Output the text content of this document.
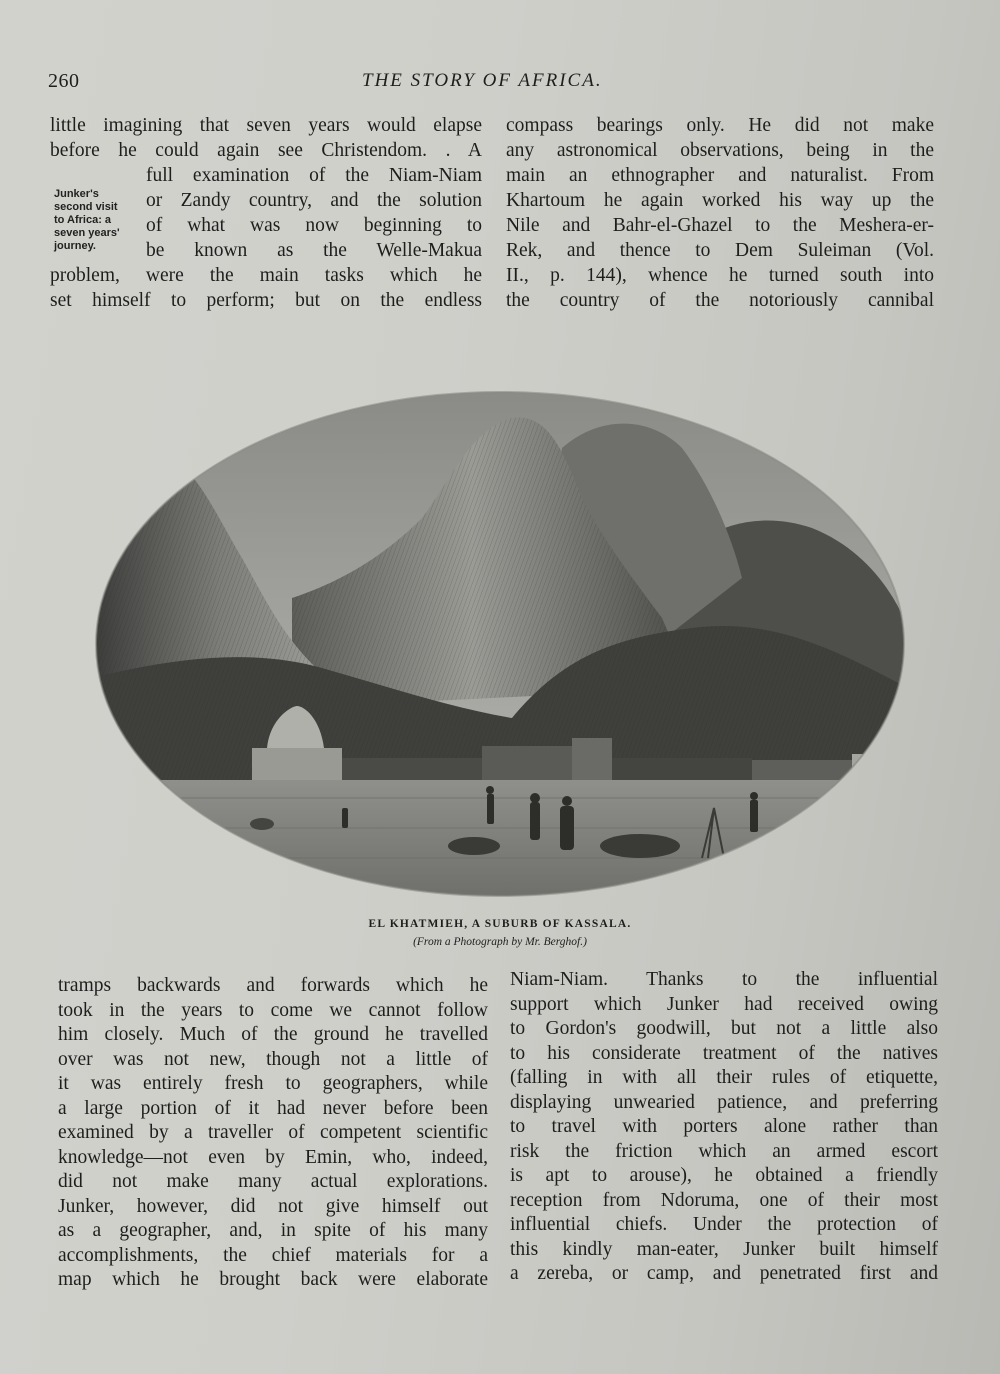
260	THE STORY OF AFRICA.

little imagining that seven years would elapse

before he could again see Christendom. . A

full examination of the Niam-Niam

or Zandy country, and the solution

of what was now beginning to

be known as the Welle-Makua

problem, were the main tasks which he

set himself to perform; but on the endless

Junker's
second visit
to Africa: a
seven years'
journey.

compass bearings only. He did not make

any astronomical observations, being in the

main an ethnographer and naturalist. From

Khartoum he again worked his way up the

Nile and Bahr-el-Ghazel to the Meshera-er-

Rek, and thence to Dem Suleiman (Vol.

II., p. 144), whence he turned south into

the country of the notoriously cannibal

EL KHATMIEH, A SUBURB OF KASSALA.
(From a Photograph by Mr. Berghof.)

tramps backwards and forwards which he

took in the years to come we cannot follow

him closely. Much of the ground he travelled

over was not new, though not a little of

it was entirely fresh to geographers, while

a large portion of it had never before been

examined by a traveller of competent scientific

knowledge—not even by Emin, who, indeed,

did not make many actual explorations.

Junker, however, did not give himself out

as a geographer, and, in spite of his many

accomplishments, the chief materials for a

map which he brought back were elaborate

Niam-Niam. Thanks to the influential

support which Junker had received owing

to Gordon's goodwill, but not a little also

to his considerate treatment of the natives

(falling in with all their rules of etiquette,

displaying unwearied patience, and preferring

to travel with porters alone rather than

risk the friction which an armed escort

is apt to arouse), he obtained a friendly

reception from Ndoruma, one of their most

influential chiefs. Under the protection of

this kindly man-eater, Junker built himself

a zereba, or camp, and penetrated first and
